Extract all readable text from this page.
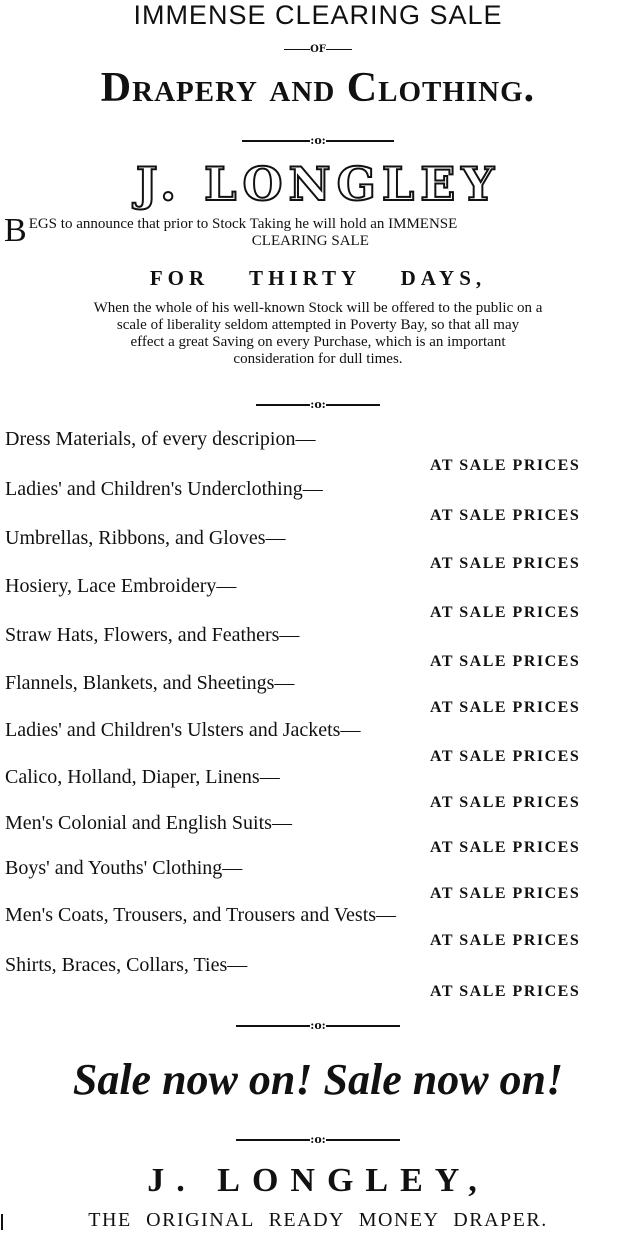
IMMENSE CLEARING SALE
OF
Drapery and Clothing.
:o:
J. LONGLEY
B EGS to announce that prior to Stock Taking he will hold an IMMENSE
CLEARING SALE
FOR THIRTY DAYS,
When the whole of his well-known Stock will be offered to the public on a
scale of liberality seldom attempted in Poverty Bay, so that all may
effect a great Saving on every Purchase, which is an important
consideration for dull times.
:o:
Dress Materials, of every descripion—
AT SALE PRICES
Ladies' and Children's Underclothing—
AT SALE PRICES
Umbrellas, Ribbons, and Gloves—
AT SALE PRICES
Hosiery, Lace Embroidery—
AT SALE PRICES
Straw Hats, Flowers, and Feathers—
AT SALE PRICES
Flannels, Blankets, and Sheetings—
AT SALE PRICES
Ladies' and Children's Ulsters and Jackets—
AT SALE PRICES
Calico, Holland, Diaper, Linens—
AT SALE PRICES
Men's Colonial and English Suits—
AT SALE PRICES
Boys' and Youths' Clothing—
AT SALE PRICES
Men's Coats, Trousers, and Trousers and Vests—
AT SALE PRICES
Shirts, Braces, Collars, Ties—
AT SALE PRICES
:o:
Sale now on! Sale now on!
:o:
J. LONGLEY,
THE ORIGINAL READY MONEY DRAPER.
